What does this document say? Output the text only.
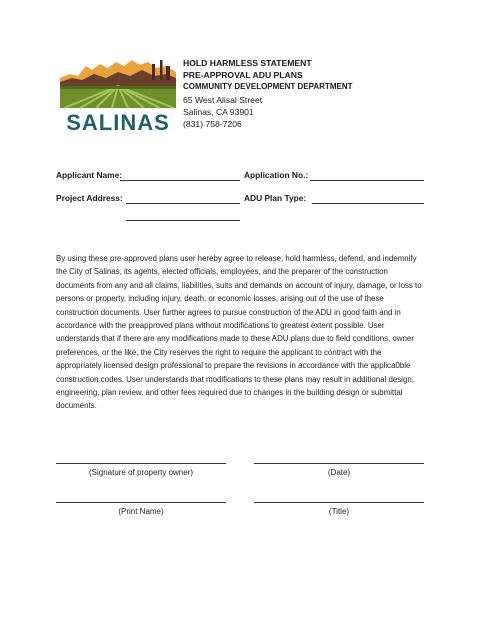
SALINAS
HOLD HARMLESS STATEMENT
PRE-APPROVAL ADU PLANS
COMMUNITY DEVELOPMENT DEPARTMENT
65 West Alisal Street
Salinas, CA 93901
(831) 758-7206
Applicant Name:	Application No.:
Project Address:	ADU Plan Type:
By using these pre-approved plans user hereby agree to release, hold harmless, defend, and indemnify the City of Salinas, its agents, elected officials, employees, and the preparer of the construction documents from any and all claims, liabilities, suits and demands on account of injury, damage, or loss to persons or property, including injury, death, or economic losses, arising out of the use of these construction documents. User further agrees to pursue construction of the ADU in good faith and in accordance with the preapproved plans without modifications to greatest extent possible. User understands that if there are any modifications made to these ADU plans due to field conditions, owner preferences, or the like, the City reserves the right to require the applicant to contract with the appropriately licensed design professional to prepare the revisions in accordance with the applica0ble construction codes. User understands that modifications to these plans may result in additional design, engineering, plan review, and other fees required due to changes in the building design or submittal documents.
(Signature of property owner)	(Date)
(Print Name)	(Title)
